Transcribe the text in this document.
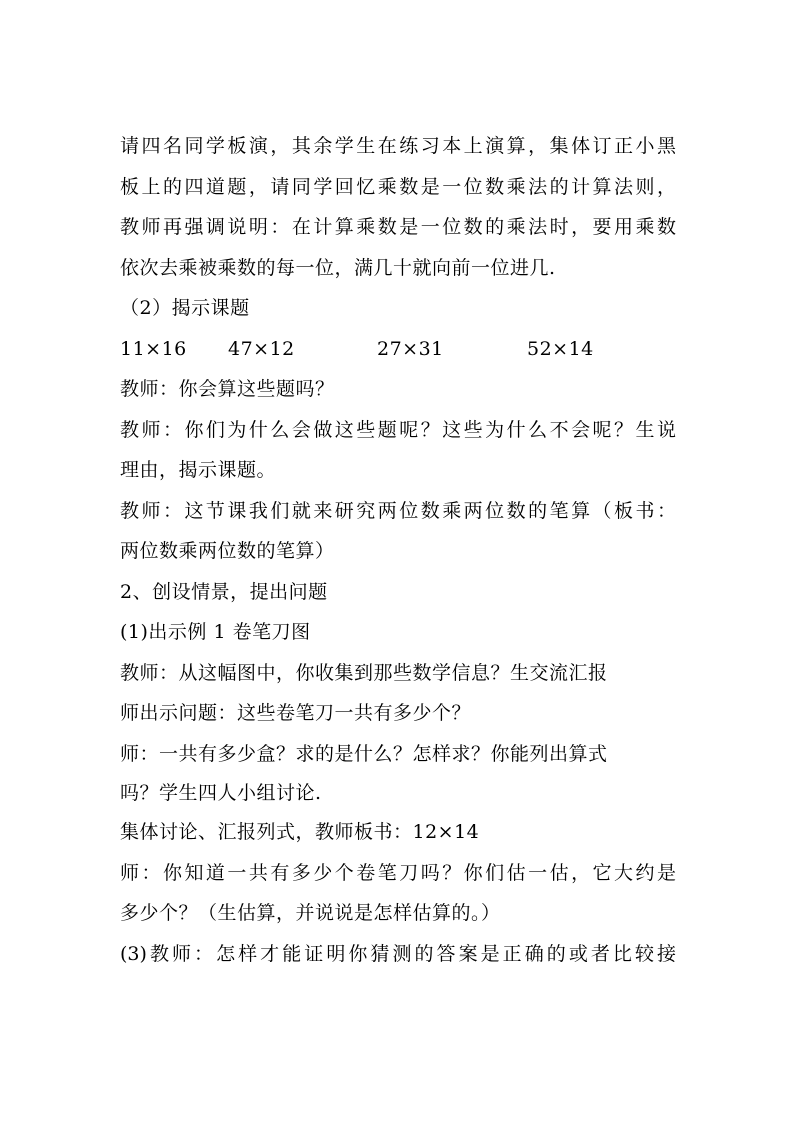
请四名同学板演，其余学生在练习本上演算，集体订正小黑
板上的四道题，请同学回忆乘数是一位数乘法的计算法则，
教师再强调说明：在计算乘数是一位数的乘法时，要用乘数
依次去乘被乘数的每一位，满几十就向前一位进几.
（2）揭示课题
11×16 47×12	27×31	52×14
教师：你会算这些题吗？
教师：你们为什么会做这些题呢？这些为什么不会呢？生说
理由，揭示课题。
教师：这节课我们就来研究两位数乘两位数的笔算（板书：
两位数乘两位数的笔算）
2、创设情景，提出问题
(1)出示例 1 卷笔刀图
教师：从这幅图中，你收集到那些数学信息？生交流汇报
师出示问题：这些卷笔刀一共有多少个？
师：一共有多少盒？求的是什么？怎样求？你能列出算式
吗？学生四人小组讨论.
集体讨论、汇报列式，教师板书：12×14
师：你知道一共有多少个卷笔刀吗？你们估一估，它大约是
多少个？（生估算，并说说是怎样估算的。）
(3)教师：怎样才能证明你猜测的答案是正确的或者比较接
